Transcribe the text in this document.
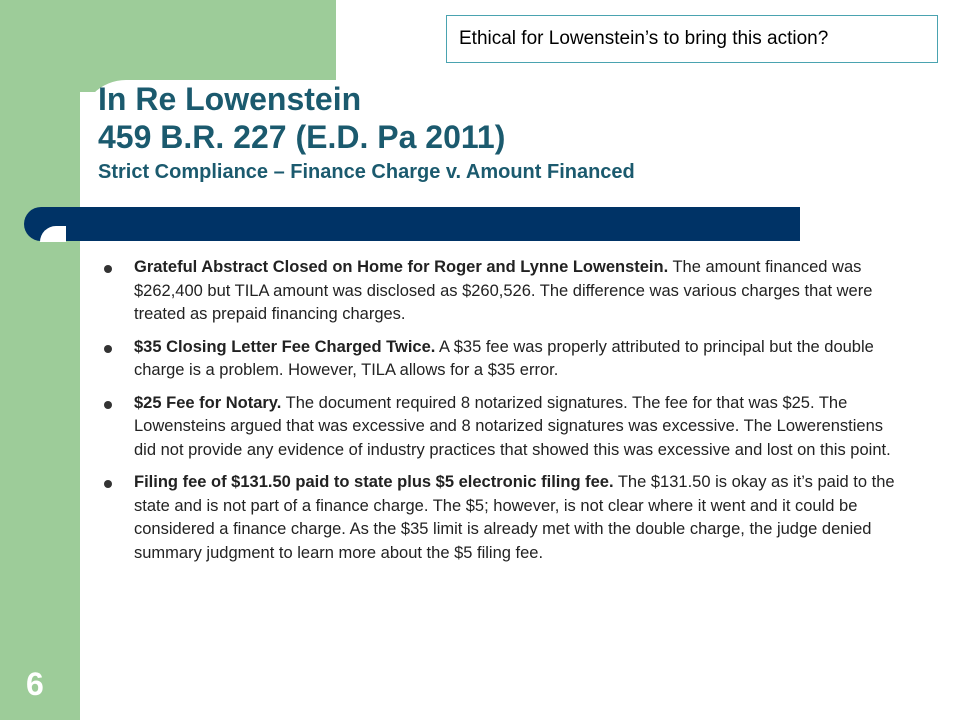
Ethical for Lowenstein’s to bring this action?
In Re Lowenstein
459 B.R. 227 (E.D. Pa 2011)
Strict Compliance – Finance Charge v. Amount Financed
Grateful Abstract Closed on Home for Roger and Lynne Lowenstein. The amount financed was $262,400 but TILA amount was disclosed as $260,526. The difference was various charges that were treated as prepaid financing charges.
$35 Closing Letter Fee Charged Twice. A $35 fee was properly attributed to principal but the double charge is a problem. However, TILA allows for a $35 error.
$25 Fee for Notary. The document required 8 notarized signatures. The fee for that was $25. The Lowensteins argued that was excessive and 8 notarized signatures was excessive. The Lowerenstiens did not provide any evidence of industry practices that showed this was excessive and lost on this point.
Filing fee of $131.50 paid to state plus $5 electronic filing fee. The $131.50 is okay as it’s paid to the state and is not part of a finance charge. The $5; however, is not clear where it went and it could be considered a finance charge. As the $35 limit is already met with the double charge, the judge denied summary judgment to learn more about the $5 filing fee.
6
